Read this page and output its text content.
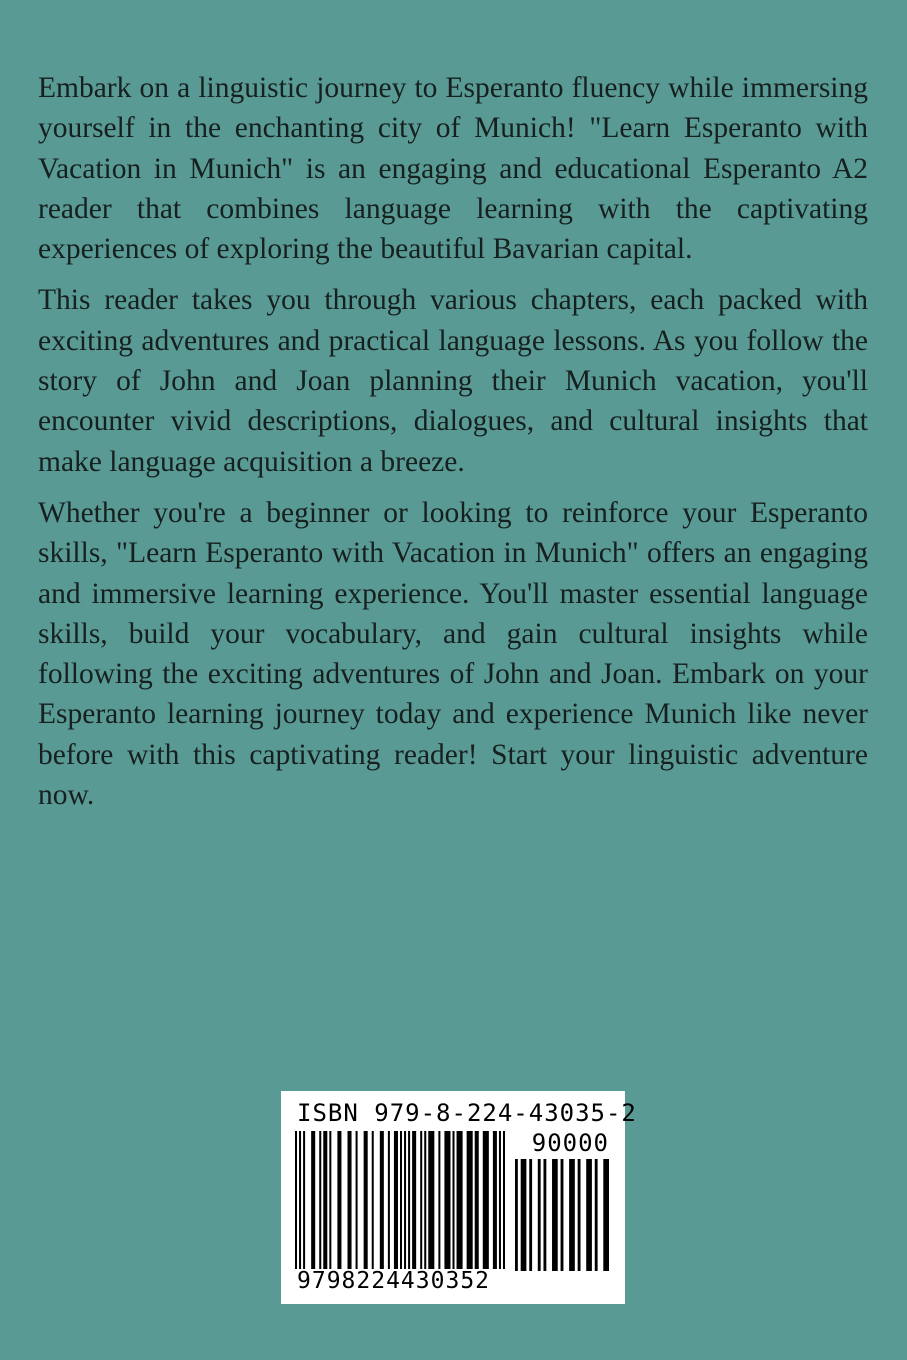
Embark on a linguistic journey to Esperanto fluency while immersing yourself in the enchanting city of Munich! "Learn Esperanto with Vacation in Munich" is an engaging and educational Esperanto A2 reader that combines language learning with the captivating experiences of exploring the beautiful Bavarian capital.

This reader takes you through various chapters, each packed with exciting adventures and practical language lessons. As you follow the story of John and Joan planning their Munich vacation, you'll encounter vivid descriptions, dialogues, and cultural insights that make language acquisition a breeze.

Whether you're a beginner or looking to reinforce your Esperanto skills, "Learn Esperanto with Vacation in Munich" offers an engaging and immersive learning experience. You'll master essential language skills, build your vocabulary, and gain cultural insights while following the exciting adventures of John and Joan. Embark on your Esperanto learning journey today and experience Munich like never before with this captivating reader! Start your linguistic adventure now.

ISBN 979-8-224-43035-2
90000
9798224430352
